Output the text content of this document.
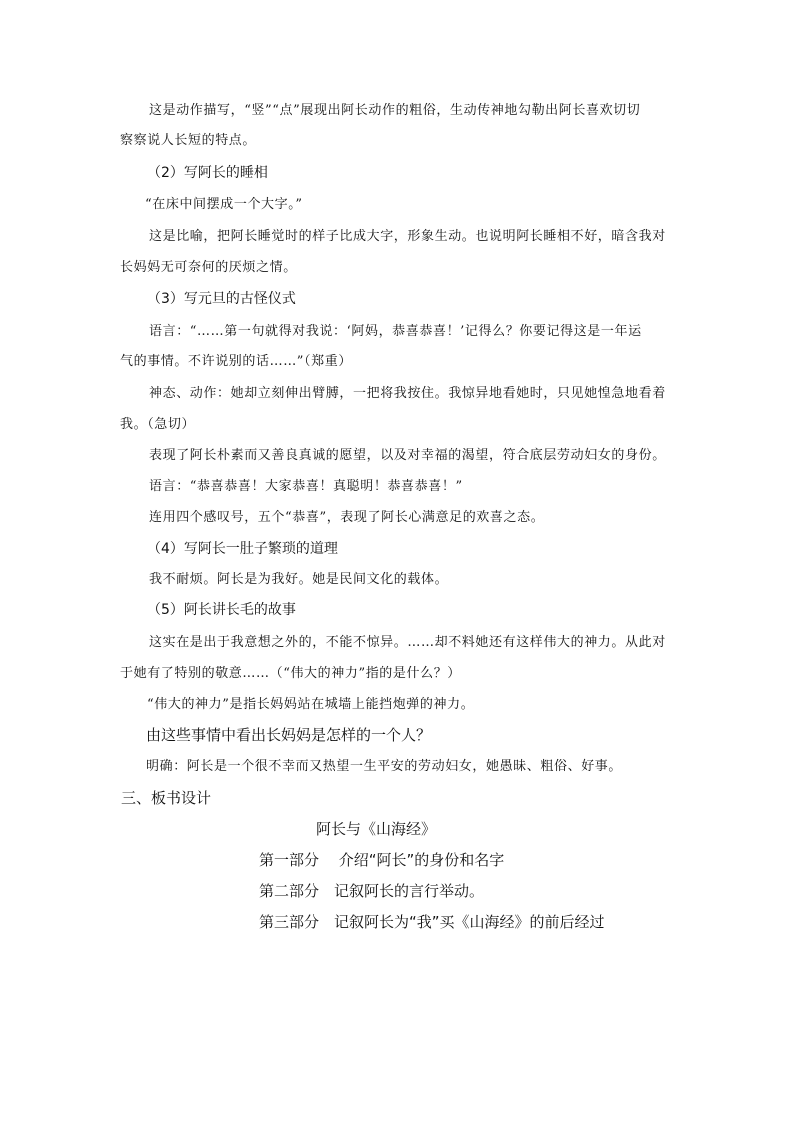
这是动作描写，“竖”“点”展现出阿长动作的粗俗，生动传神地勾勒出阿长喜欢切切
察察说人长短的特点。
（2）写阿长的睡相
“在床中间摆成一个大字。”
这是比喻，把阿长睡觉时的样子比成大字，形象生动。也说明阿长睡相不好，暗含我对
长妈妈无可奈何的厌烦之情。
（3）写元旦的古怪仪式
语言：“……第一句就得对我说：‘阿妈，恭喜恭喜！’记得么？你要记得这是一年运
气的事情。不许说别的话……”（郑重）
神态、动作：她却立刻伸出臂膊，一把将我按住。我惊异地看她时，只见她惶急地看着
我。（急切）
表现了阿长朴素而又善良真诚的愿望，以及对幸福的渴望，符合底层劳动妇女的身份。
语言：“恭喜恭喜！大家恭喜！真聪明！恭喜恭喜！”
连用四个感叹号，五个“恭喜”，表现了阿长心满意足的欢喜之态。
（4）写阿长一肚子繁琐的道理
我不耐烦。阿长是为我好。她是民间文化的载体。
（5）阿长讲长毛的故事
这实在是出于我意想之外的，不能不惊异。……却不料她还有这样伟大的神力。从此对
于她有了特别的敬意……（“伟大的神力”指的是什么？）
“伟大的神力”是指长妈妈站在城墙上能挡炮弹的神力。
由这些事情中看出长妈妈是怎样的一个人？
明确：阿长是一个很不幸而又热望一生平安的劳动妇女，她愚昧、粗俗、好事。
三、板书设计
阿长与《山海经》
第一部分　 介绍“阿长”的身份和名字
第二部分　记叙阿长的言行举动。
第三部分　记叙阿长为“我”买《山海经》的前后经过
